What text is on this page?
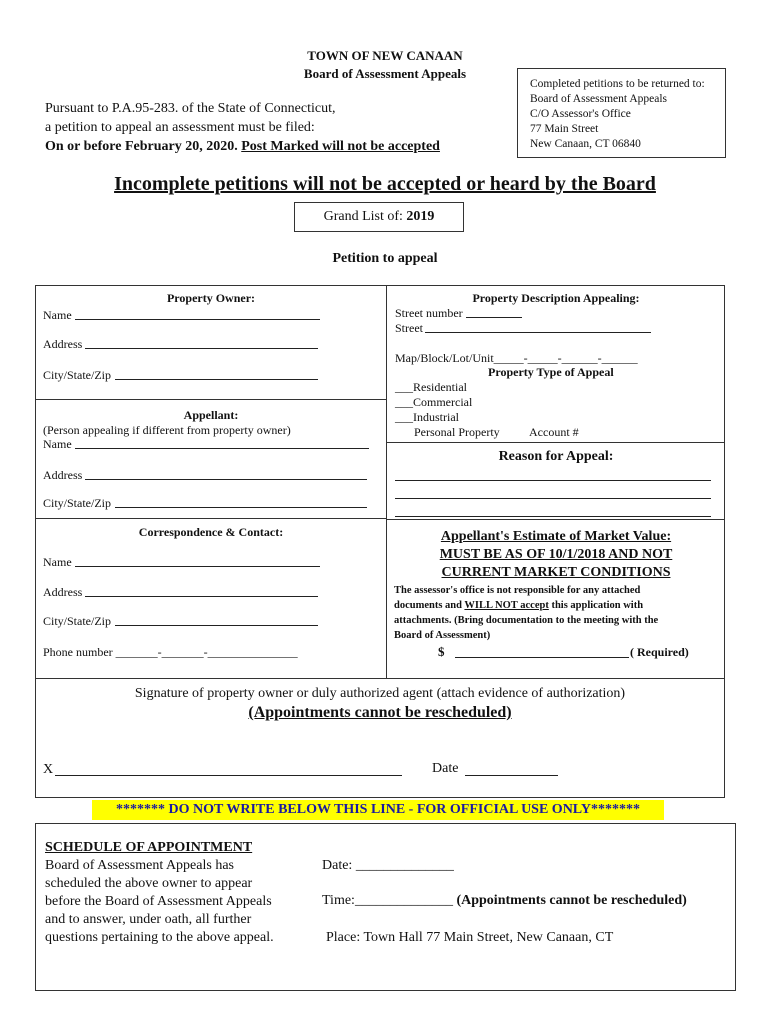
TOWN OF NEW CANAAN
Board of Assessment Appeals
Pursuant to P.A.95-283. of the State of Connecticut,
a petition to appeal an assessment must be filed:
On or before February 20, 2020. Post Marked will not be accepted
Completed petitions to be returned to:
Board of Assessment Appeals
C/O Assessor's Office
77 Main Street
New Canaan, CT 06840
Incomplete petitions will not be accepted or heard by the Board
Grand List of: 2019
Petition to appeal
Property Owner:
Name
Address
City/State/Zip
Appellant:
(Person appealing if different from property owner)
Name
Address
City/State/Zip
Correspondence & Contact:
Name
Address
City/State/Zip
Phone number _______-_______-_______________
Property Description Appealing:
Street number
Street
Map/Block/Lot/Unit_____-_____-______-______
Property Type of Appeal
___Residential
___Commercial
___Industrial
Personal Property Account #
Reason for Appeal:
Appellant's Estimate of Market Value:
MUST BE AS OF 10/1/2018 AND NOT
CURRENT MARKET CONDITIONS
The assessor's office is not responsible for any attached
documents and WILL NOT accept this application with
attachments. (Bring documentation to the meeting with the
Board of Assessment)
$	( Required)
Signature of property owner or duly authorized agent (attach evidence of authorization)
(Appointments cannot be rescheduled)
X	Date
******* DO NOT WRITE BELOW THIS LINE - FOR OFFICIAL USE ONLY*******
SCHEDULE OF APPOINTMENT
Board of Assessment Appeals has
scheduled the above owner to appear
before the Board of Assessment Appeals
and to answer, under oath, all further
questions pertaining to the above appeal.
Date: ______________
Time:______________ (Appointments cannot be rescheduled)
Place: Town Hall 77 Main Street, New Canaan, CT
